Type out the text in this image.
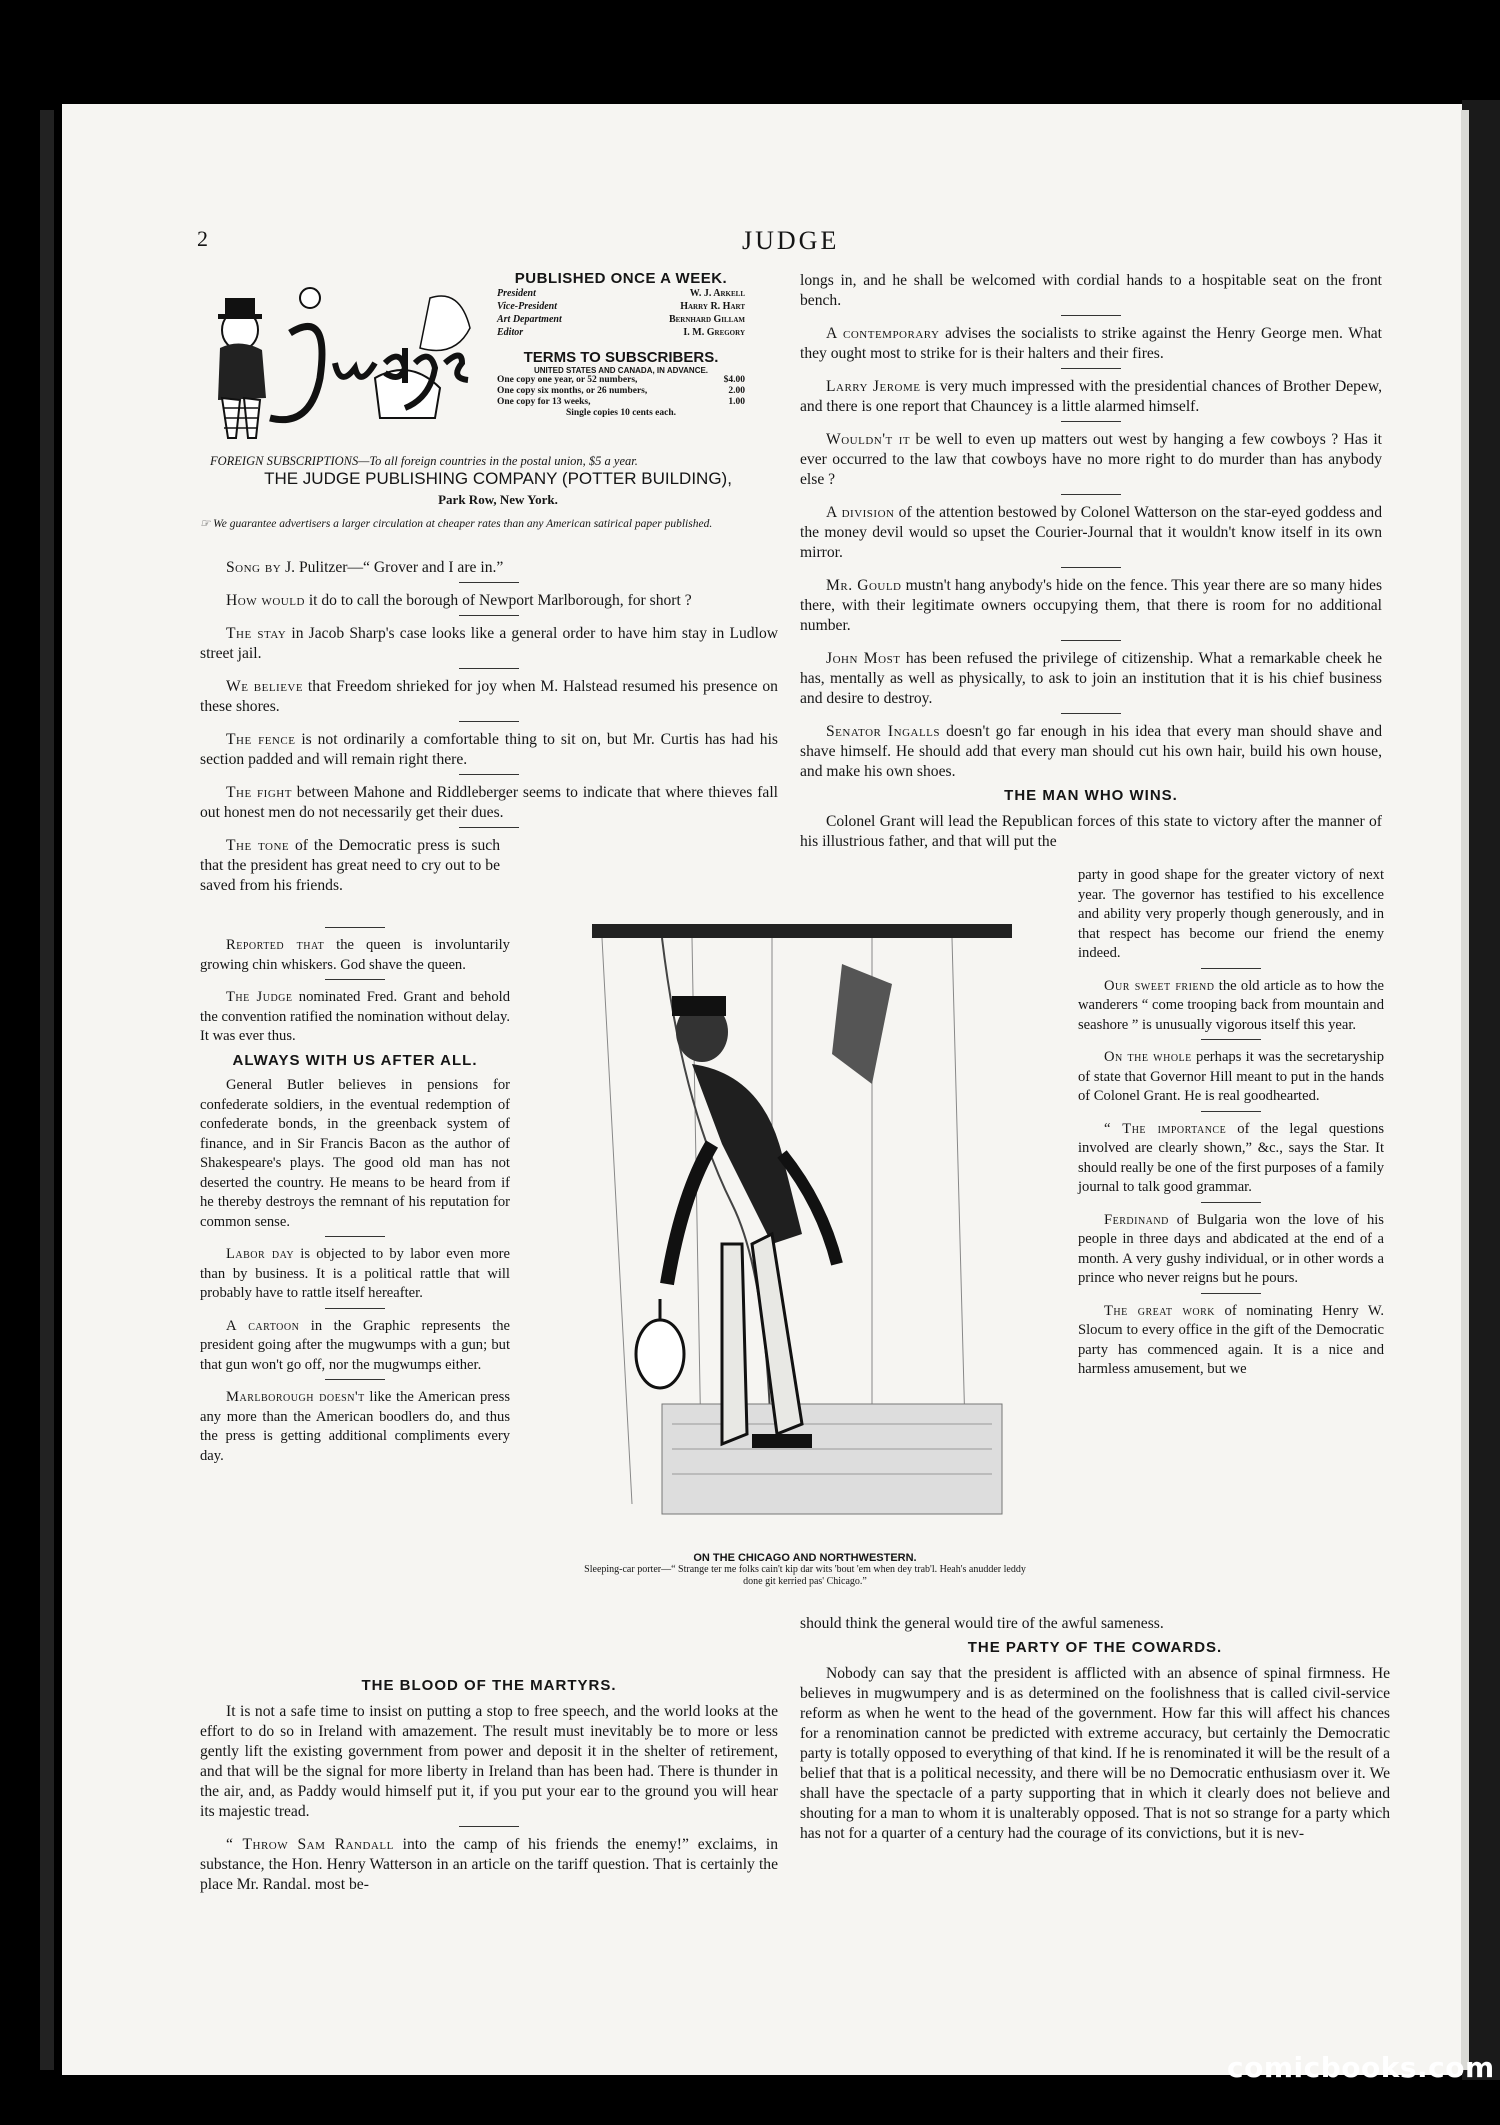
2	JUDGE
PUBLISHED ONCE A WEEK.
President	W. J. Arkell
Vice-President	Harry R. Hart
Art Department	Bernhard Gillam
Editor	I. M. Gregory
TERMS TO SUBSCRIBERS.
UNITED STATES AND CANADA, IN ADVANCE.
One copy one year, or 52 numbers,	$4.00
One copy six months, or 26 numbers,	2.00
One copy for 13 weeks,	1.00
Single copies 10 cents each.
FOREIGN SUBSCRIPTIONS—To all foreign countries in the postal union, $5 a year.
THE JUDGE PUBLISHING COMPANY (POTTER BUILDING),
Park Row, New York.
☞ We guarantee advertisers a larger circulation at cheaper rates than any American satirical paper published.

Song by J. Pulitzer—“ Grover and I are in.”

How would it do to call the borough of Newport Marlborough, for short ?

The stay in Jacob Sharp's case looks like a general order to have him stay in Ludlow street jail.

We believe that Freedom shrieked for joy when M. Halstead resumed his presence on these shores.

The fence is not ordinarily a comfortable thing to sit on, but Mr. Curtis has had his section padded and will remain right there.

The fight between Mahone and Riddleberger seems to indicate that where thieves fall out honest men do not necessarily get their dues.

The tone of the Democratic press is such that the president has great need to cry out to be saved from his friends.

Reported that the queen is involuntarily growing chin whiskers. God shave the queen.

The Judge nominated Fred. Grant and behold the convention ratified the nomination without delay. It was ever thus.

ALWAYS WITH US AFTER ALL.

General Butler believes in pensions for confederate soldiers, in the eventual redemption of confederate bonds, in the greenback system of finance, and in Sir Francis Bacon as the author of Shakespeare's plays. The good old man has not deserted the country. He means to be heard from if he thereby destroys the remnant of his reputation for common sense.

Labor day is objected to by labor even more than by business. It is a political rattle that will probably have to rattle itself hereafter.

A cartoon in the Graphic represents the president going after the mugwumps with a gun; but that gun won't go off, nor the mugwumps either.

Marlborough doesn't like the American press any more than the American boodlers do, and thus the press is getting additional compliments every day.

THE BLOOD OF THE MARTYRS.

It is not a safe time to insist on putting a stop to free speech, and the world looks at the effort to do so in Ireland with amazement. The result must inevitably be to more or less gently lift the existing government from power and deposit it in the shelter of retirement, and that will be the signal for more liberty in Ireland than has been had. There is thunder in the air, and, as Paddy would himself put it, if you put your ear to the ground you will hear its majestic tread.

“ Throw Sam Randall into the camp of his friends the enemy!” exclaims, in substance, the Hon. Henry Watterson in an article on the tariff question. That is certainly the place Mr. Randal. most be-

longs in, and he shall be welcomed with cordial hands to a hospitable seat on the front bench.

A contemporary advises the socialists to strike against the Henry George men. What they ought most to strike for is their halters and their fires.

Larry Jerome is very much impressed with the presidential chances of Brother Depew, and there is one report that Chauncey is a little alarmed himself.

Wouldn't it be well to even up matters out west by hanging a few cowboys ? Has it ever occurred to the law that cowboys have no more right to do murder than has anybody else ?

A division of the attention bestowed by Colonel Watterson on the star-eyed goddess and the money devil would so upset the Courier-Journal that it wouldn't know itself in its own mirror.

Mr. Gould mustn't hang anybody's hide on the fence. This year there are so many hides there, with their legitimate owners occupying them, that there is room for no additional number.

John Most has been refused the privilege of citizenship. What a remarkable cheek he has, mentally as well as physically, to ask to join an institution that it is his chief business and desire to destroy.

Senator Ingalls doesn't go far enough in his idea that every man should shave and shave himself. He should add that every man should cut his own hair, build his own house, and make his own shoes.

THE MAN WHO WINS.

Colonel Grant will lead the Republican forces of this state to victory after the manner of his illustrious father, and that will put the

party in good shape for the greater victory of next year. The governor has testified to his excellence and ability very properly though generously, and in that respect has become our friend the enemy indeed.

Our sweet friend the old article as to how the wanderers “ come trooping back from mountain and seashore ” is unusually vigorous itself this year.

On the whole perhaps it was the secretaryship of state that Governor Hill meant to put in the hands of Colonel Grant. He is real goodhearted.

“ The importance of the legal questions involved are clearly shown,” &c., says the Star. It should really be one of the first purposes of a family journal to talk good grammar.

Ferdinand of Bulgaria won the love of his people in three days and abdicated at the end of a month. A very gushy individual, or in other words a prince who never reigns but he pours.

The great work of nominating Henry W. Slocum to every office in the gift of the Democratic party has commenced again. It is a nice and harmless amusement, but we

should think the general would tire of the awful sameness.

THE PARTY OF THE COWARDS.

Nobody can say that the president is afflicted with an absence of spinal firmness. He believes in mugwumpery and is as determined on the foolishness that is called civil-service reform as when he went to the head of the government. How far this will affect his chances for a renomination cannot be predicted with extreme accuracy, but certainly the Democratic party is totally opposed to everything of that kind. If he is renominated it will be the result of a belief that that is a political necessity, and there will be no Democratic enthusiasm over it. We shall have the spectacle of a party supporting that in which it clearly does not believe and shouting for a man to whom it is unalterably opposed. That is not so strange for a party which has not for a quarter of a century had the courage of its convictions, but it is nev-

ON THE CHICAGO AND NORTHWESTERN.
Sleeping-car porter—“ Strange ter me folks cain't kip dar wits 'bout 'em when dey trab'l. Heah's anudder leddy done git kerried pas' Chicago.”
comicbooks.com
